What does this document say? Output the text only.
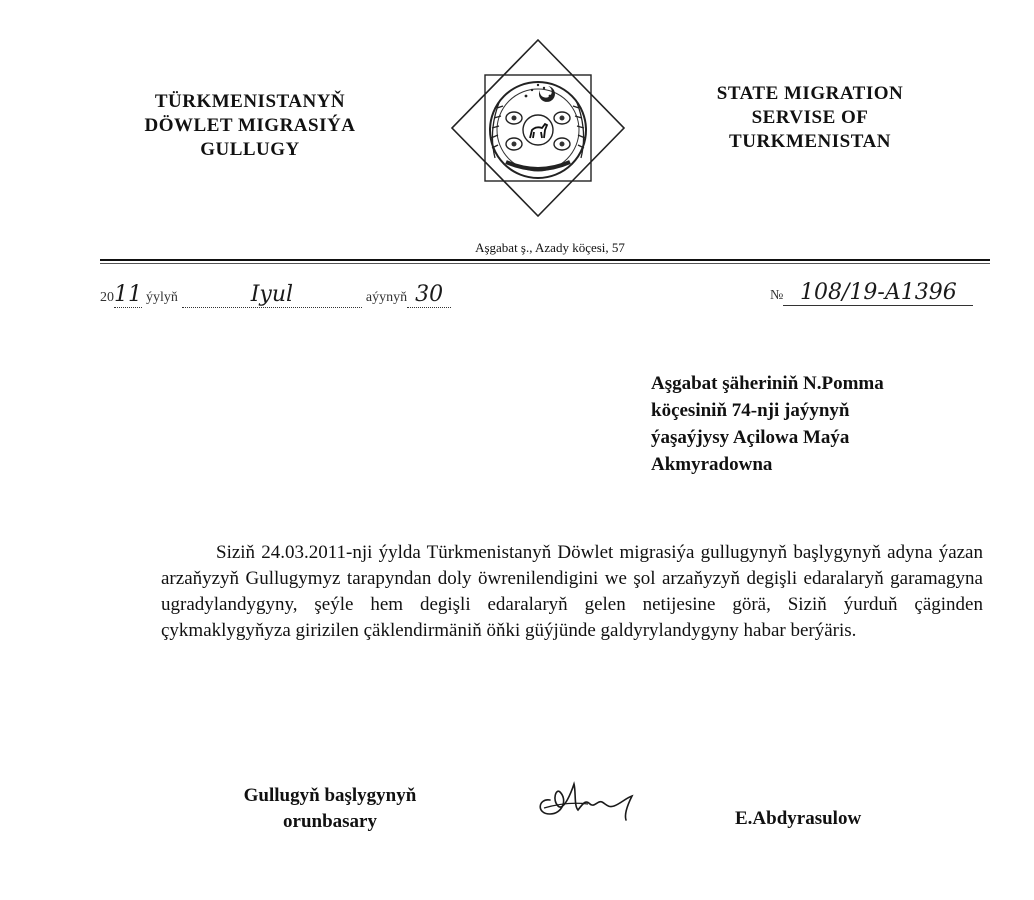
TÜRKMENISTANYŇ
DÖWLET MIGRASIÝA
GULLUGY
STATE MIGRATION
SERVISE OF
TURKMENISTAN
Aşgabat ş., Azady köçesi, 57
2011 ýylyň	Iyul	aýynyň 30	№ 108/19-A1396
Aşgabat şäheriniň N.Pomma
köçesiniň 74-nji jaýynyň
ýaşaýjysy Açilowa Maýa
Akmyradowna
Siziň 24.03.2011-nji ýylda Türkmenistanyň Döwlet migrasiýa gullugynyň başlygynyň adyna ýazan arzaňyzyň Gullugymyz tarapyndan doly öwrenilendigini we şol arzaňyzyň degişli edaralaryň garamagyna ugradylandygyny, şeýle hem degişli edaralaryň gelen netijesine görä, Siziň ýurduň çäginden çykmaklygyňyza girizilen çäklendirmäniň öňki güýjünde galdyrylandygyny habar berýäris.
Gullugyň başlygynyň
orunbasary	E.Abdyrasulow
